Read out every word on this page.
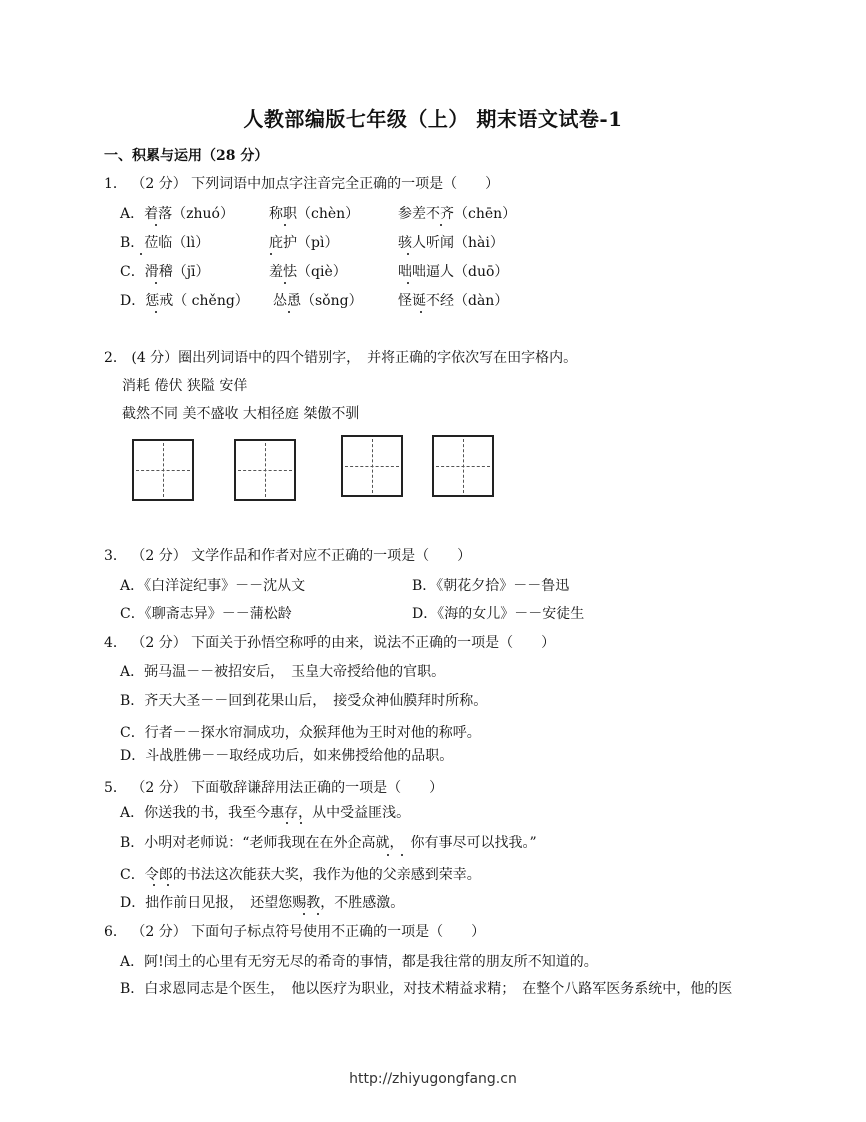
人教部编版七年级（上） 期末语文试卷-1
一、积累与运用（28 分）
1． （2 分） 下列词语中加点字注音完全正确的一项是（　　）
A．着落（zhuó）	称职（chèn）	参差不齐（chēn）
B．莅临（lì）	庇护（pì）	骇人听闻（hài）
C．滑稽（jī）	羞怯（qiè）	咄咄逼人（duō）
D．惩戒（ chěng） 怂恿（sǒng）	怪诞不经（dàn）
2． (4 分）圈出列词语中的四个错别字，　并将正确的字依次写在田字格内。
消耗 倦伏 狭隘 安佯
截然不同 美不盛收 大相径庭 桀傲不驯
3． （2 分） 文学作品和作者对应不正确的一项是（　　）
A．《白洋淀纪事》－－沈从文	B．《朝花夕拾》－－鲁迅
C．《聊斋志异》－－蒲松龄	D．《海的女儿》－－安徒生
4． （2 分） 下面关于孙悟空称呼的由来，说法不正确的一项是（　　）
A．弼马温－－被招安后，　玉皇大帝授给他的官职。
B．齐天大圣－－回到花果山后，　接受众神仙膜拜时所称。
C．行者－－探水帘洞成功，众猴拜他为王时对他的称呼。
D．斗战胜佛－－取经成功后，如来佛授给他的品职。
5． （2 分） 下面敬辞谦辞用法正确的一项是（　　）
A．你送我的书，我至今惠存，从中受益匪浅。
B．小明对老师说：“老师我现在在外企高就，　你有事尽可以找我。”
C．令郎的书法这次能获大奖，我作为他的父亲感到荣幸。
D．拙作前日见报，　还望您赐教，不胜感激。
6． （2 分） 下面句子标点符号使用不正确的一项是（　　）
A．阿!闰土的心里有无穷无尽的希奇的事情，都是我往常的朋友所不知道的。
B．白求恩同志是个医生，　他以医疗为职业，对技术精益求精；　在整个八路军医务系统中，他的医
http://zhiyugongfang.cn
